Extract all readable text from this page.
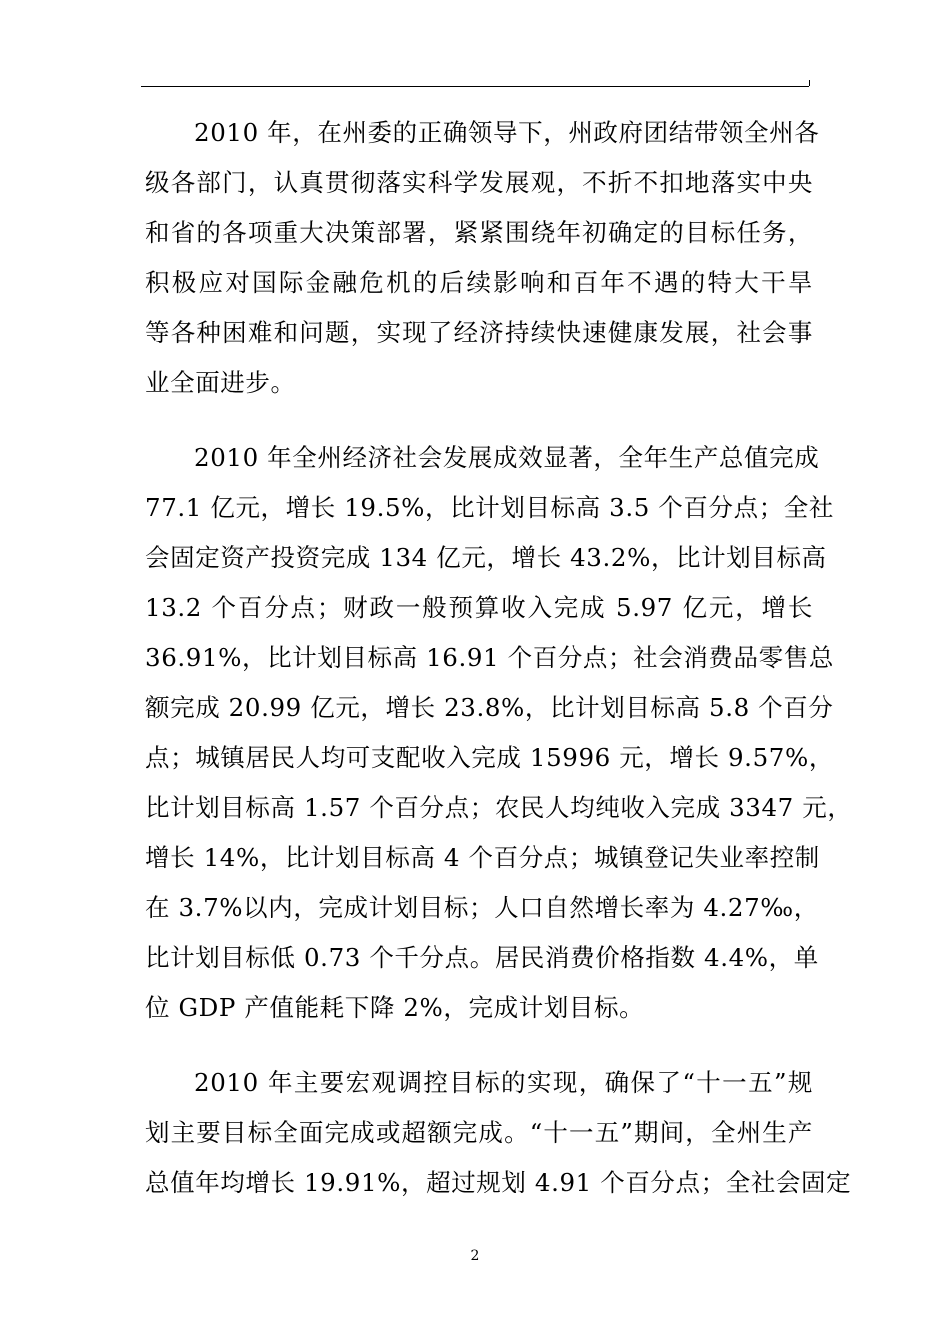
2010 年，在州委的正确领导下，州政府团结带领全州各
级各部门，认真贯彻落实科学发展观，不折不扣地落实中央
和省的各项重大决策部署，紧紧围绕年初确定的目标任务，
积极应对国际金融危机的后续影响和百年不遇的特大干旱
等各种困难和问题，实现了经济持续快速健康发展，社会事
业全面进步。
2010 年全州经济社会发展成效显著，全年生产总值完成
77.1 亿元，增长 19.5%，比计划目标高 3.5 个百分点；全社
会固定资产投资完成 134 亿元，增长 43.2%，比计划目标高
13.2 个百分点；财政一般预算收入完成 5.97 亿元，增长
36.91%，比计划目标高 16.91 个百分点；社会消费品零售总
额完成 20.99 亿元，增长 23.8%，比计划目标高 5.8 个百分
点；城镇居民人均可支配收入完成 15996 元，增长 9.57%，
比计划目标高 1.57 个百分点；农民人均纯收入完成 3347 元，
增长 14%，比计划目标高 4 个百分点；城镇登记失业率控制
在 3.7%以内，完成计划目标；人口自然增长率为 4.27‰，
比计划目标低 0.73 个千分点。居民消费价格指数 4.4%，单
位 GDP 产值能耗下降 2%，完成计划目标。
2010 年主要宏观调控目标的实现，确保了“十一五”规
划主要目标全面完成或超额完成。“十一五”期间，全州生产
总值年均增长 19.91%，超过规划 4.91 个百分点；全社会固定
2
